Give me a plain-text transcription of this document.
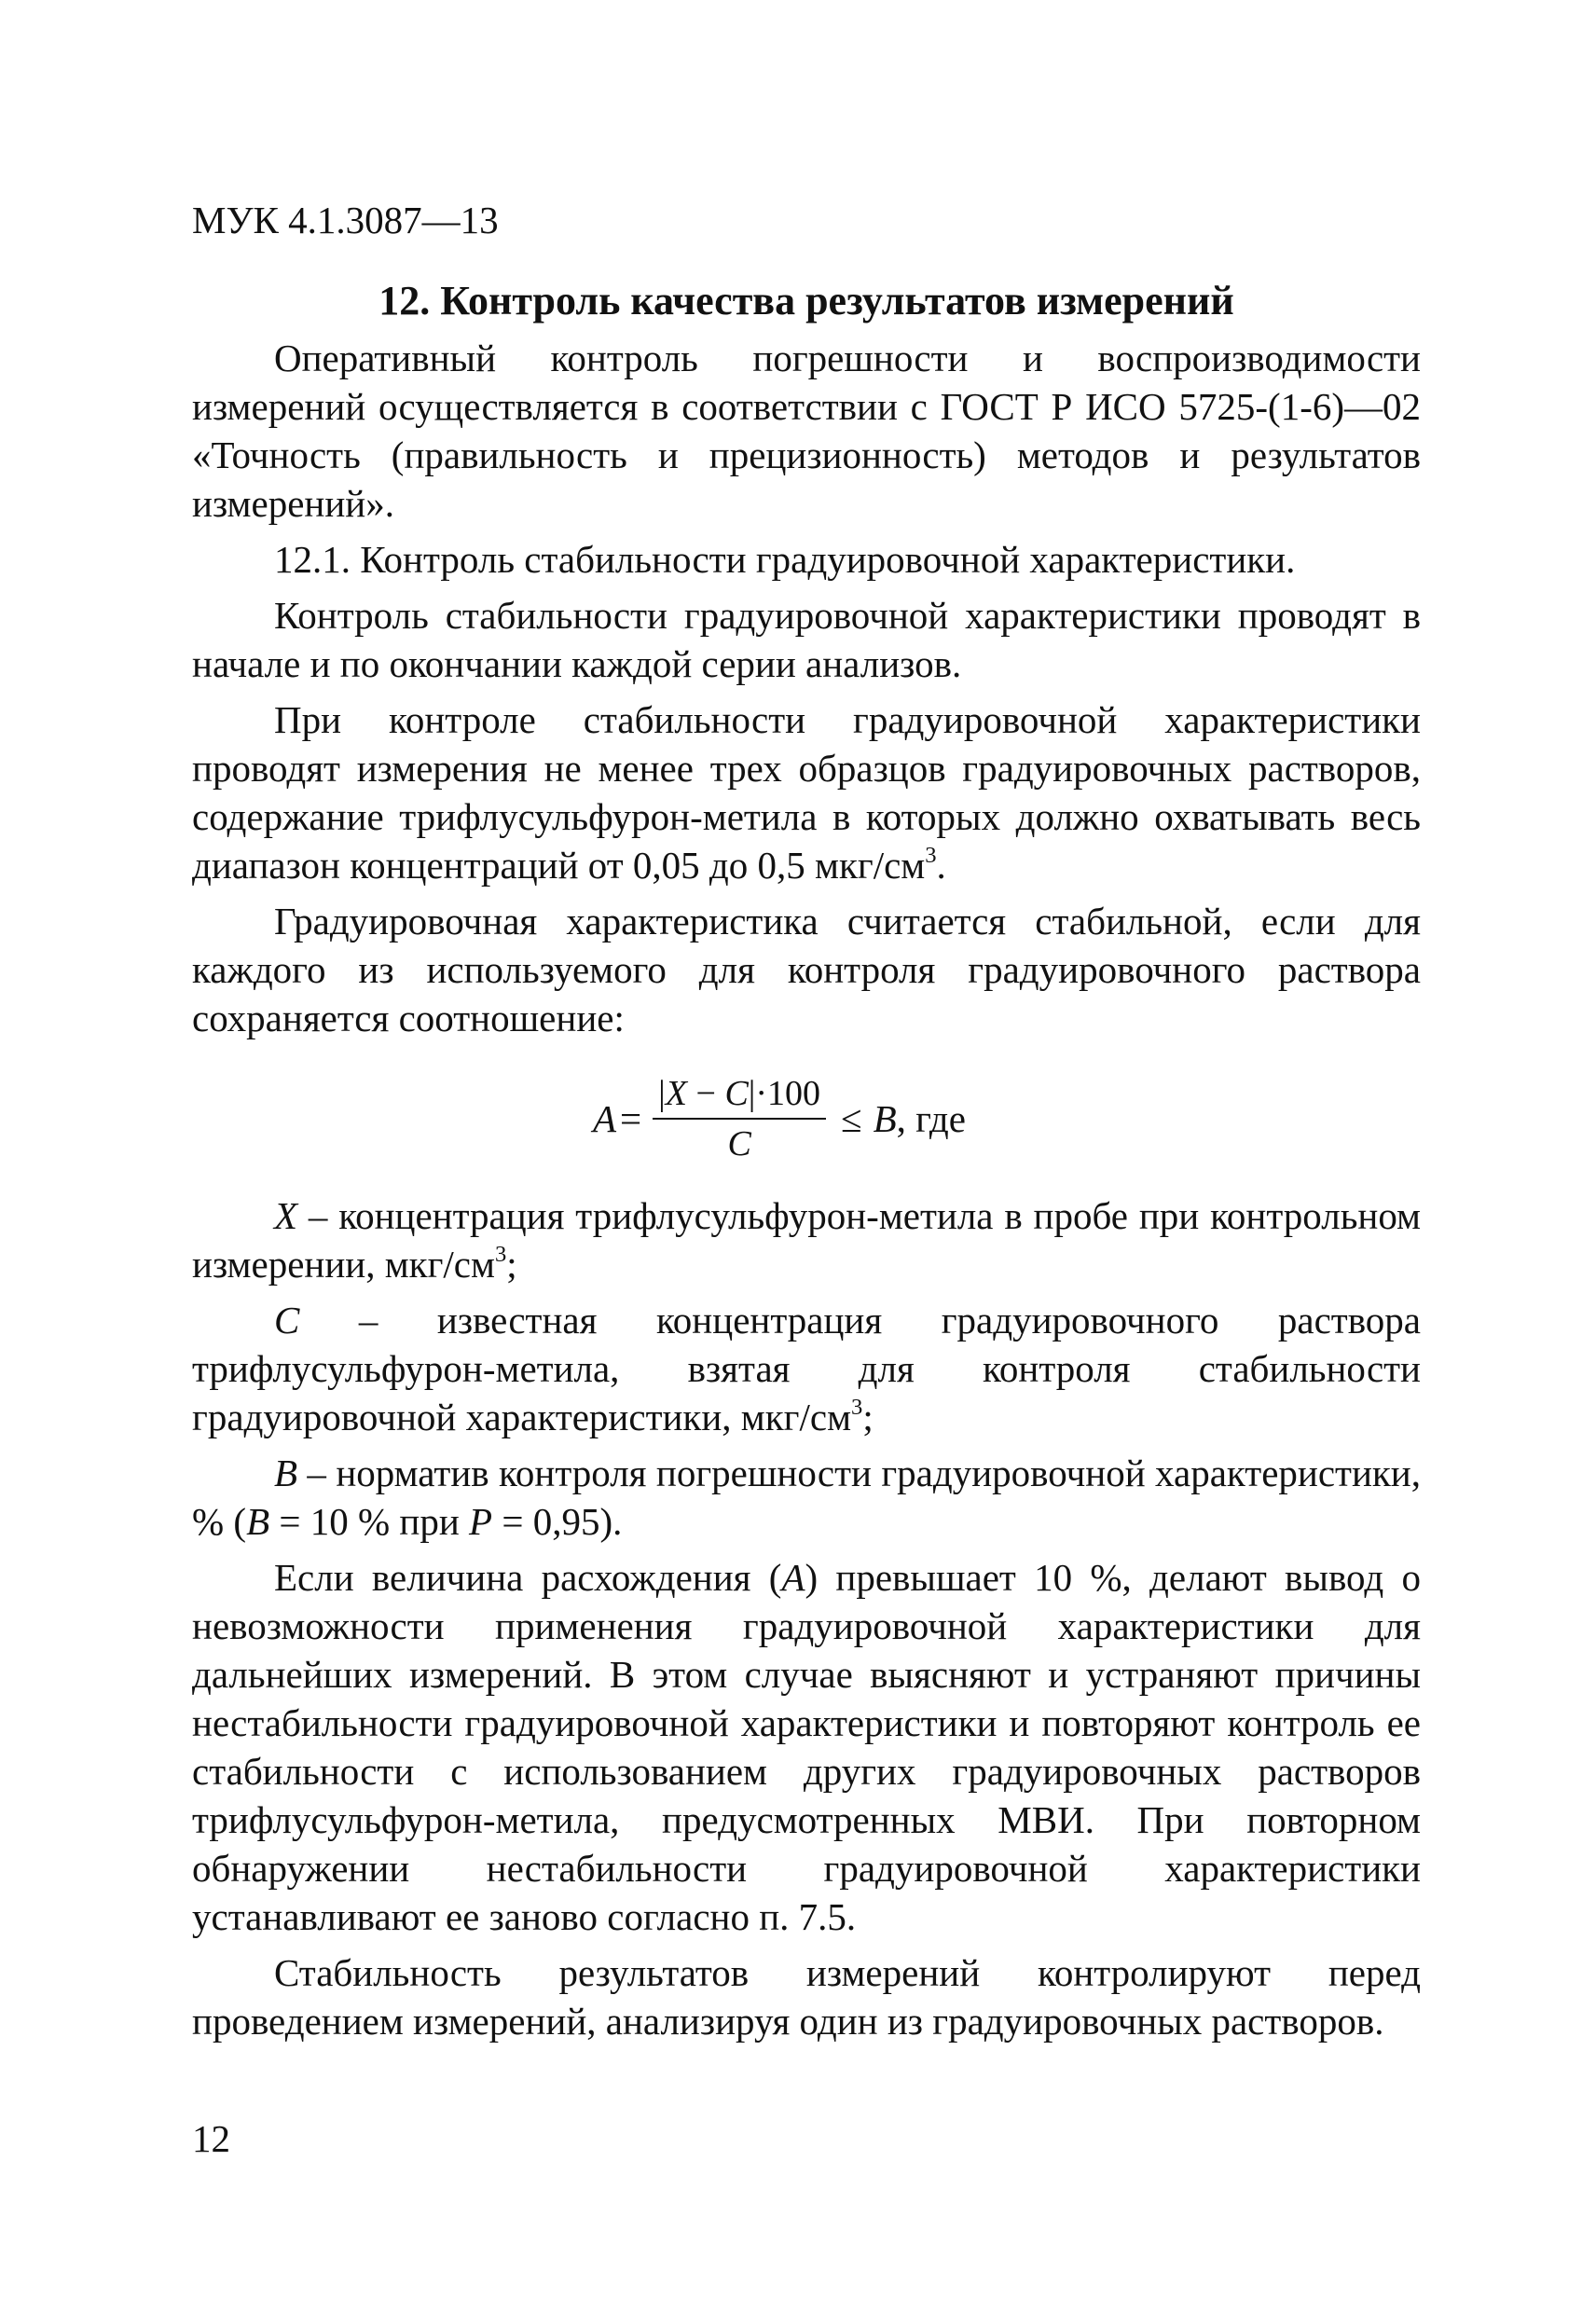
МУК 4.1.3087—13
12. Контроль качества результатов измерений

Оперативный контроль погрешности и воспроизводимости измерений осуществляется в соответствии с ГОСТ Р ИСО 5725-(1-6)—02 «Точность (правильность и прецизионность) методов и результатов измерений».

12.1. Контроль стабильности градуировочной характеристики.

Контроль стабильности градуировочной характеристики проводят в начале и по окончании каждой серии анализов.

При контроле стабильности градуировочной характеристики проводят измерения не менее трех образцов градуировочных растворов, содержание трифлусульфурон-метила в которых должно охватывать весь диапазон концентраций от 0,05 до 0,5 мкг/$см^3$.

Градуировочная характеристика считается стабильной, если для каждого из используемого для контроля градуировочного раствора сохраняется соотношение:

$A = \frac{|X - C|\cdot 100}{C} \le B$ , где

X – концентрация трифлусульфурон-метила в пробе при контрольном измерении, мкг/$см^3$;

C – известная концентрация градуировочного раствора трифлусульфурон-метила, взятая для контроля стабильности градуировочной характеристики, мкг/$см^3$;

B – норматив контроля погрешности градуировочной характеристики, % (B = 10 % при P = 0,95).

Если величина расхождения (A) превышает 10 %, делают вывод о невозможности применения градуировочной характеристики для дальнейших измерений. В этом случае выясняют и устраняют причины нестабильности градуировочной характеристики и повторяют контроль ее стабильности с использованием других градуировочных растворов трифлусульфурон-метила, предусмотренных МВИ. При повторном обнаружении нестабильности градуировочной характеристики устанавливают ее заново согласно п. 7.5.

Стабильность результатов измерений контролируют перед проведением измерений, анализируя один из градуировочных растворов.

12
